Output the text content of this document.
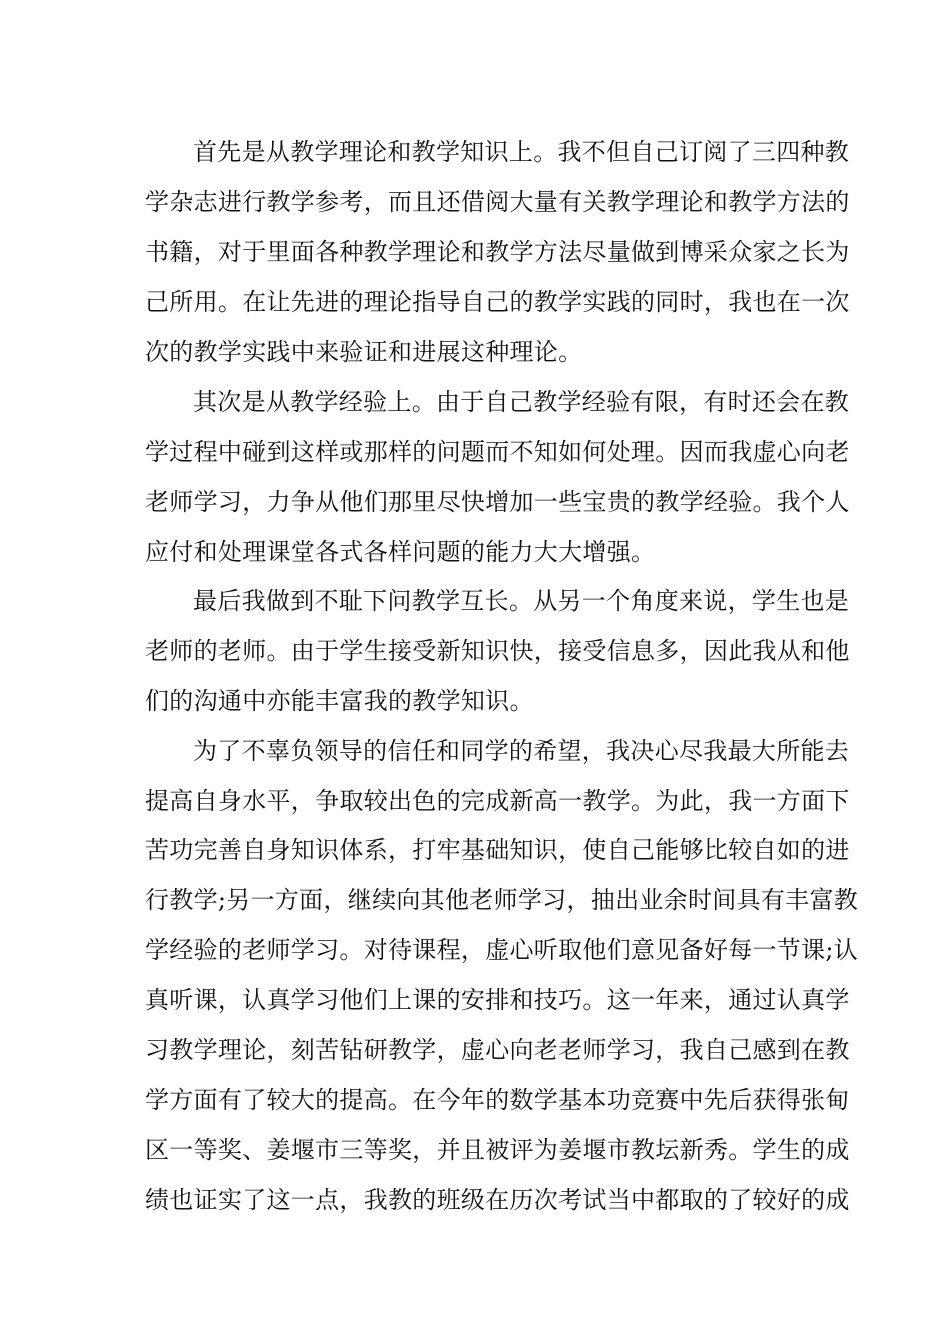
首先是从教学理论和教学知识上。我不但自己订阅了三四种教
学杂志进行教学参考，而且还借阅大量有关教学理论和教学方法的
书籍，对于里面各种教学理论和教学方法尽量做到博采众家之长为
己所用。在让先进的理论指导自己的教学实践的同时，我也在一次
次的教学实践中来验证和进展这种理论。
其次是从教学经验上。由于自己教学经验有限，有时还会在教
学过程中碰到这样或那样的问题而不知如何处理。因而我虚心向老
老师学习，力争从他们那里尽快增加一些宝贵的教学经验。我个人
应付和处理课堂各式各样问题的能力大大增强。
最后我做到不耻下问教学互长。从另一个角度来说，学生也是
老师的老师。由于学生接受新知识快，接受信息多，因此我从和他
们的沟通中亦能丰富我的教学知识。
为了不辜负领导的信任和同学的希望，我决心尽我最大所能去
提高自身水平，争取较出色的完成新高一教学。为此，我一方面下
苦功完善自身知识体系，打牢基础知识，使自己能够比较自如的进
行教学;另一方面，继续向其他老师学习，抽出业余时间具有丰富教
学经验的老师学习。对待课程，虚心听取他们意见备好每一节课;认
真听课，认真学习他们上课的安排和技巧。这一年来，通过认真学
习教学理论，刻苦钻研教学，虚心向老老师学习，我自己感到在教
学方面有了较大的提高。在今年的数学基本功竞赛中先后获得张甸
区一等奖、姜堰市三等奖，并且被评为姜堰市教坛新秀。学生的成
绩也证实了这一点，我教的班级在历次考试当中都取的了较好的成
